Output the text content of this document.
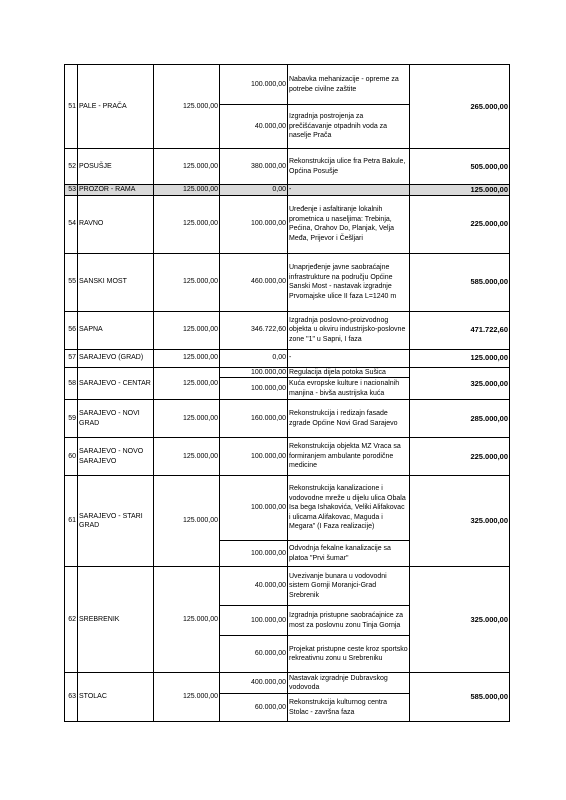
51	PALE - PRAČA	125.000,00	100.000,00	Nabavka mehanizacije - opreme za potrebe civilne zaštite	265.000,00
			40.000,00	Izgradnja postrojenja za prečišćavanje otpadnih voda za naselje Prača	
52	POSUŠJE	125.000,00	380.000,00	Rekonstrukcija ulice fra Petra Bakule, Općina Posušje	505.000,00
53	PROZOR - RAMA	125.000,00	0,00	-	125.000,00
54	RAVNO	125.000,00	100.000,00	Uređenje i asfaltiranje lokalnih prometnica u naseljima: Trebinja, Pećina, Orahov Do, Planjak, Velja Međa, Prijevor i Češljari	225.000,00
55	SANSKI MOST	125.000,00	460.000,00	Unaprjeđenje javne saobraćajne infrastrukture na području Općine Sanski Most - nastavak izgradnje Prvomajske ulice II faza L=1240 m	585.000,00
56	SAPNA	125.000,00	346.722,60	Izgradnja poslovno-proizvodnog objekta u okviru industrijsko-poslovne zone "1" u Sapni, I faza	471.722,60
57	SARAJEVO (GRAD)	125.000,00	0,00	-	125.000,00
58	SARAJEVO - CENTAR	125.000,00	100.000,00	Regulacija dijela potoka Sušica	325.000,00
			100.000,00	Kuća evropske kulture i nacionalnih manjina - bivša austrijska kuća	
59	SARAJEVO - NOVI GRAD	125.000,00	160.000,00	Rekonstrukcija i redizajn fasade zgrade Općine Novi Grad Sarajevo	285.000,00
60	SARAJEVO - NOVO SARAJEVO	125.000,00	100.000,00	Rekonstrukcija objekta MZ Vraca sa formiranjem ambulante porodične medicine	225.000,00
61	SARAJEVO - STARI GRAD	125.000,00	100.000,00	Rekonstrukcija kanalizacione i vodovodne mreže u dijelu ulica Obala Isa bega Ishakovića, Veliki Alifakovac i ulicama Alifakovac, Maguda i Megara" (I Faza realizacije)	325.000,00
			100.000,00	Odvodnja fekalne kanalizacije sa platoa "Prvi šumar"	
62	SREBRENIK	125.000,00	40.000,00	Uvezivanje bunara u vodovodni sistem Gornji Moranjci-Grad Srebrenik	325.000,00
			100.000,00	Izgradnja pristupne saobraćajnice za most za poslovnu zonu Tinja Gornja	
			60.000,00	Projekat pristupne ceste kroz sportsko rekreativnu zonu u Srebreniku	
63	STOLAC	125.000,00	400.000,00	Nastavak izgradnje Dubravskog vodovoda	585.000,00
			60.000,00	Rekonstrukcija kulturnog centra Stolac - završna faza	
